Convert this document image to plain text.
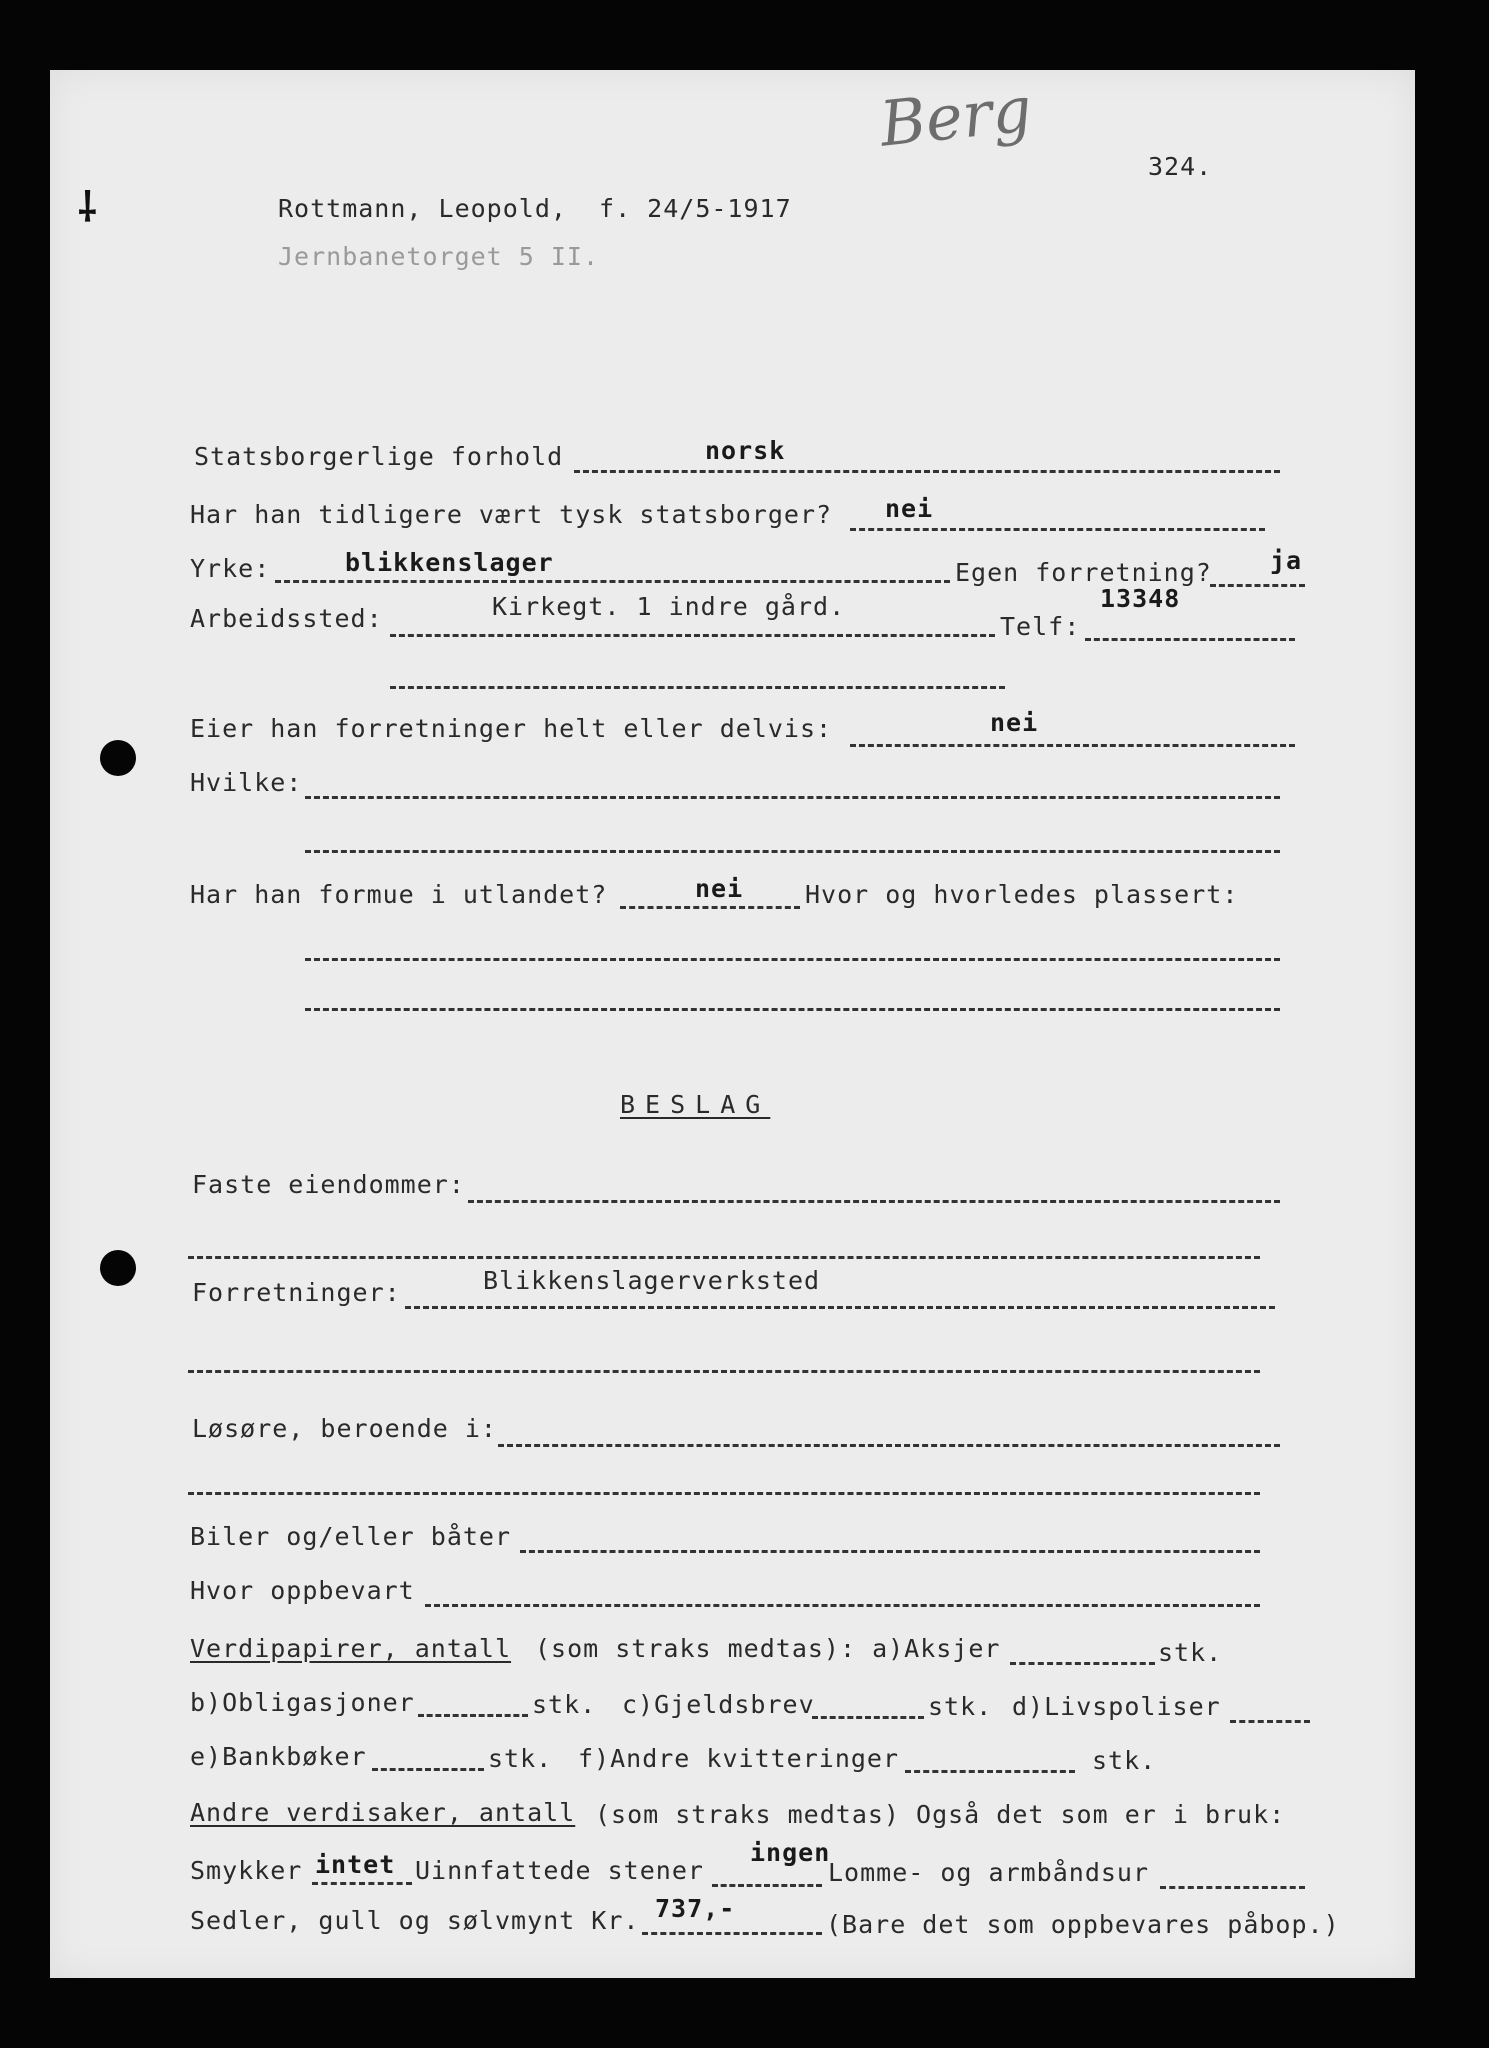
⸸
Berg
324.
Rottmann, Leopold,  f. 24/5-1917
Jernbanetorget 5 II.
Statsborgerlige forhold	norsk
Har han tidligere vært tysk statsborger? nei
Yrke:	blikkenslager	Egen forretning? ja
Arbeidssted:	Kirkegt. 1 indre gård.
Telf:
13348
Eier han forretninger helt eller delvis:	nei
Hvilke:
Har han formue i utlandet?	nei Hvor og hvorledes plassert:
BESLAG
Faste eiendommer:
Forretninger:	Blikkenslagerverksted
Løsøre, beroende i:
Biler og/eller båter
Hvor oppbevart
Verdipapirer, antall (som straks medtas): a)Aksjer	stk.
b)Obligasjoner	stk. c)Gjeldsbrev	stk. d)Livspoliser
e)Bankbøker	stk. f)Andre kvitteringer	stk.
Andre verdisaker, antall (som straks medtas) Også det som er i bruk:
Smykker intet Uinnfattede stener
ingen
Lomme- og armbåndsur
Sedler, gull og sølvmynt Kr. 737,-
(Bare det som oppbevares påbop.)
